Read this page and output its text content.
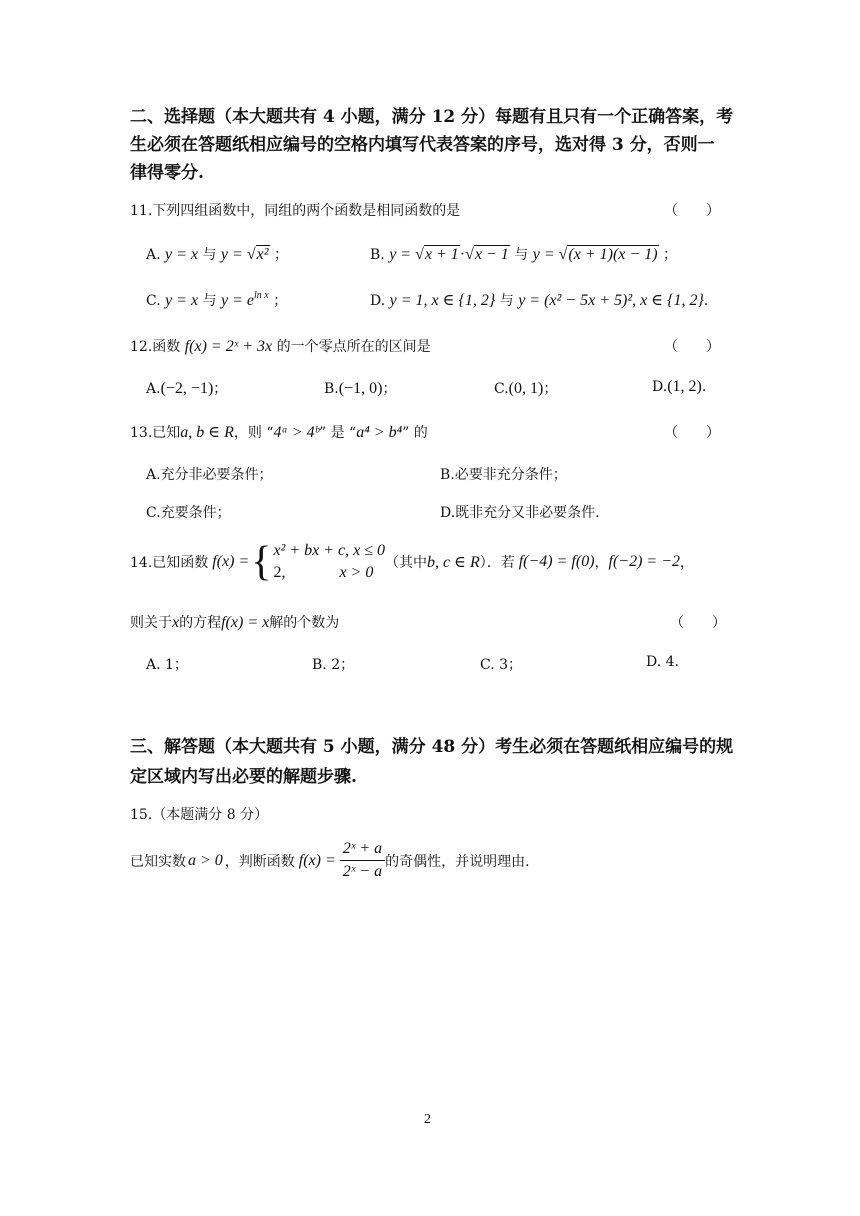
二、选择题（本大题共有 4 小题，满分 12 分）每题有且只有一个正确答案，考
生必须在答题纸相应编号的空格内填写代表答案的序号，选对得 3 分，否则一
律得零分.
11.下列四组函数中，同组的两个函数是相同函数的是	（　　）
A. y = x 与 y = √x² ；	B. y = √x + 1·√x − 1 与 y = √(x + 1)(x − 1) ；
C. y = x 与 $y = e^{ln x}$ ；	D. y = 1, x ∈ {1, 2} 与 y = (x² − 5x + 5)², x ∈ {1, 2}.
12.函数 f(x) = 2ˣ + 3x 的一个零点所在的区间是	（　　）
A.(−2, −1)；	B.(−1, 0)；	C.(0, 1)；	D.(1, 2).
13.已知a, b ∈ R，则 “4ᵃ > 4ᵇ” 是 “a⁴ > b⁴” 的	（　　）
A.充分非必要条件；	B.必要非充分条件；
C.充要条件；	D.既非充分又非必要条件.
14.已知函数 f(x) = { x² + bx + c, x ≤ 0
2,	x > 0
（其中 b, c ∈ R ）．若 f(−4) = f(0) ， f(−2) = −2 ，
则关于x的方程f(x) = x解的个数为	（　　）
A. 1；	B. 2；	C. 3；	D. 4.
三、解答题（本大题共有 5 小题，满分 48 分）考生必须在答题纸相应编号的规
定区域内写出必要的解题步骤.
15.（本题满分 8 分）
已知实数 a > 0 ，判断函数 $f(x) = \frac{\text{2ˣ + a}}{\text{2ˣ − a}}$ 的奇偶性，并说明理由.
2
